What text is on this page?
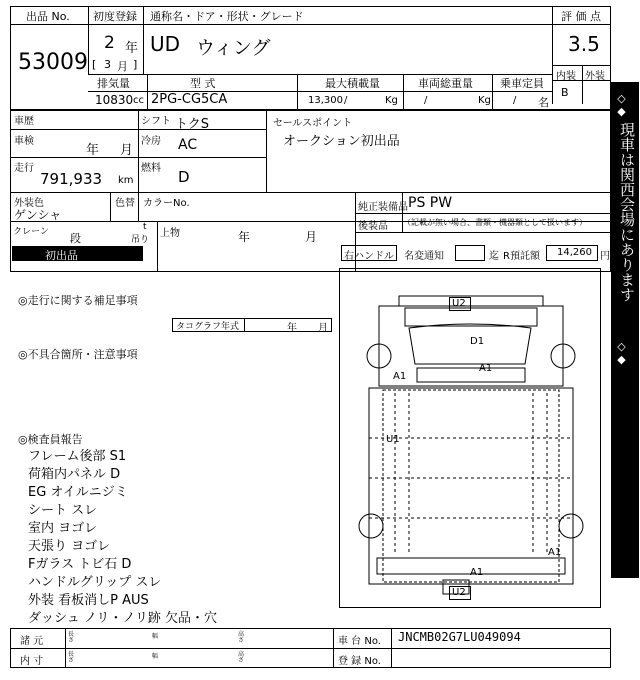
出品 No.
53009
初度登録 通称名・ドア・形状・グレード	評 価 点
2 年
[ 3 月 ]
UD ウィング	3.5
内装 外装
B
排気量	型 式	最大積載量	車両総重量 乗車定員
10830 cc 2PG-CG5CA	13,300 /	Kg	/	Kg / 名
車歴	シフト トクS	セールスポイント
オークション初出品
車検
年 月
冷房 AC
走行
791,933 km
燃料 D
外装色
ゲンシャ
色替 カラーNo.	純正装備品 PS PW
後装品 （記載が無い場合、書類・機器類として扱います）
クレーン 段
t
吊り
上物	年	月
初出品	右ハンドル 名変通知	迄 R預託額 14,260 円
◎走行に関する補足事項
タコグラフ年式	年 月
◎不具合箇所・注意事項
◎検査員報告
フレーム後部 S1
荷箱内パネル D
EG オイルニジミ
シート スレ
室内 ヨゴレ
天張り ヨゴレ
Fガラス トビ石 D
ハンドルグリップ スレ
外装 看板消しP AUS
ダッシュ ノリ・ノリ跡 欠品・穴
U2
A1
D1
A1
U1
A1
A1
U2
◇◆
現車は関西会場にあります
◇◆
諸 元
長さ
幅	高さ
内 寸
長さ
幅	高さ
車 台 No. JNCMB02G7LU049094
登 録 No.
